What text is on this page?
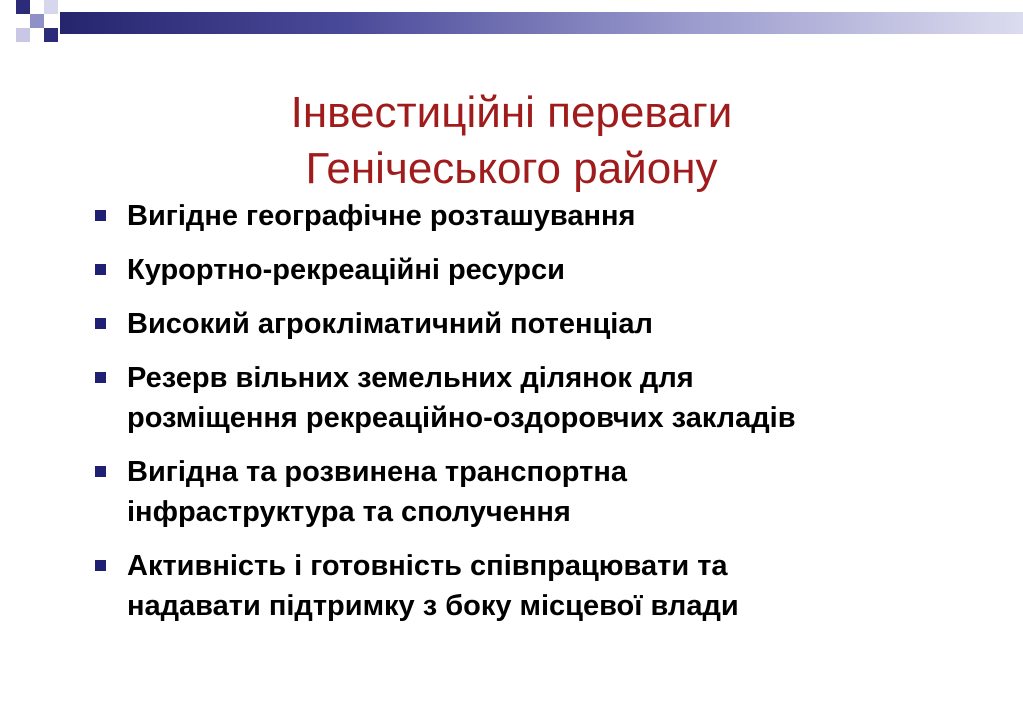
Інвестиційні переваги
Генічеського району
Вигідне географічне розташування
Курортно-рекреаційні ресурси
Високий агрокліматичний потенціал
Резерв вільних земельних ділянок для
розміщення рекреаційно-оздоровчих закладів
Вигідна та розвинена транспортна
інфраструктура та сполучення
Активність і готовність співпрацювати та
надавати підтримку з боку місцевої влади
